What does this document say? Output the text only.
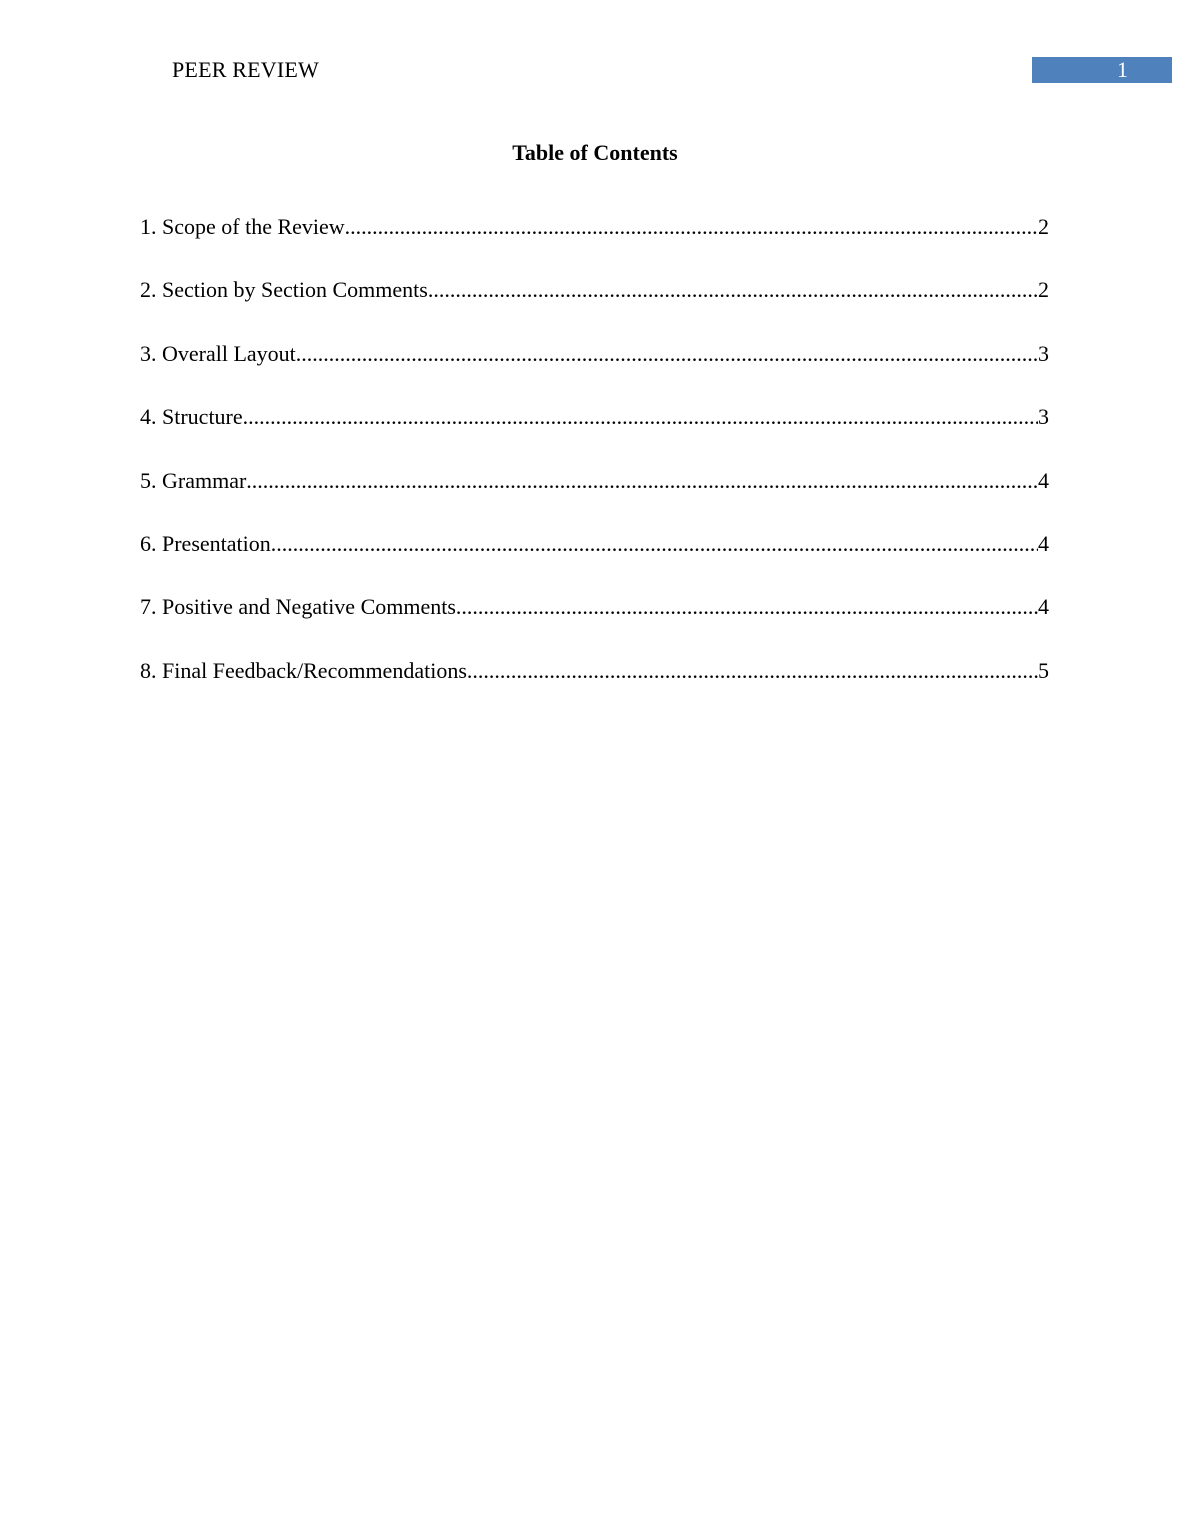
PEER REVIEW	1
Table of Contents
1. Scope of the Review .....	2
2. Section by Section Comments .....	2
3. Overall Layout .....	3
4. Structure .....	3
5. Grammar .....	4
6. Presentation .....	4
7. Positive and Negative Comments .....	4
8. Final Feedback/Recommendations .....	5
